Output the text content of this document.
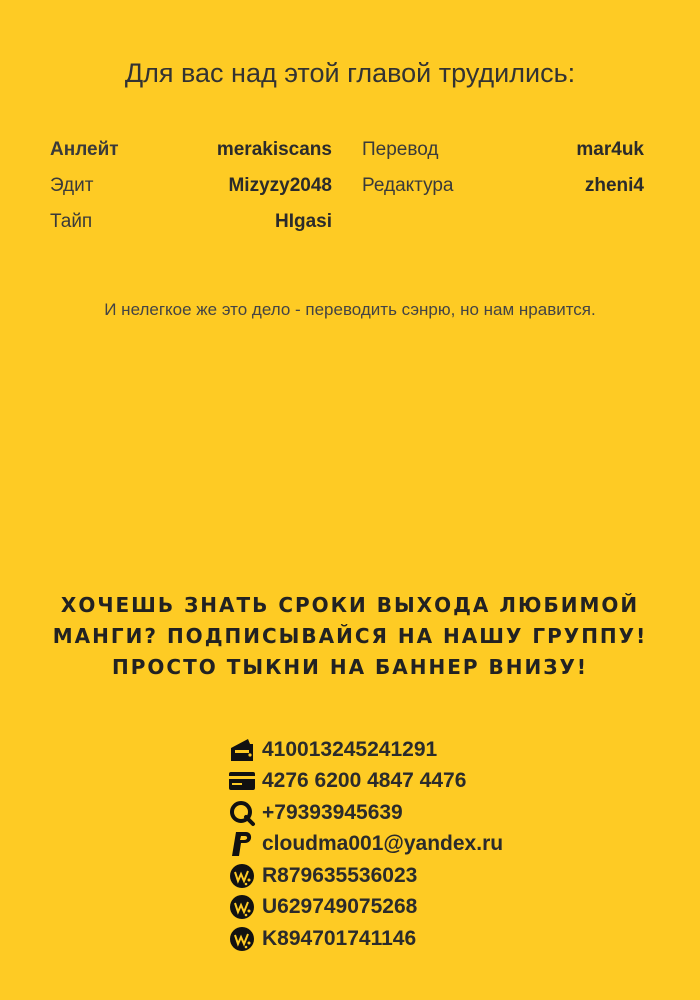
Для вас над этой главой трудились:
Анлейт	merakiscans Перевод	mar4uk
Эдит	Mizyzy2048 Редактура	zheni4
Тайп	HIgasi
И нелегкое же это дело - переводить сэнрю, но нам нравится.
ХОЧЕШЬ ЗНАТЬ СРОКИ ВЫХОДА ЛЮБИМОЙ
МАНГИ? ПОДПИСЫВАЙСЯ НА НАШУ ГРУППУ!
ПРОСТО ТЫКНИ НА БАННЕР ВНИЗУ!
410013245241291
4276 6200 4847 4476
+79393945639
cloudma001@yandex.ru
R879635536023
U629749075268
K894701741146
